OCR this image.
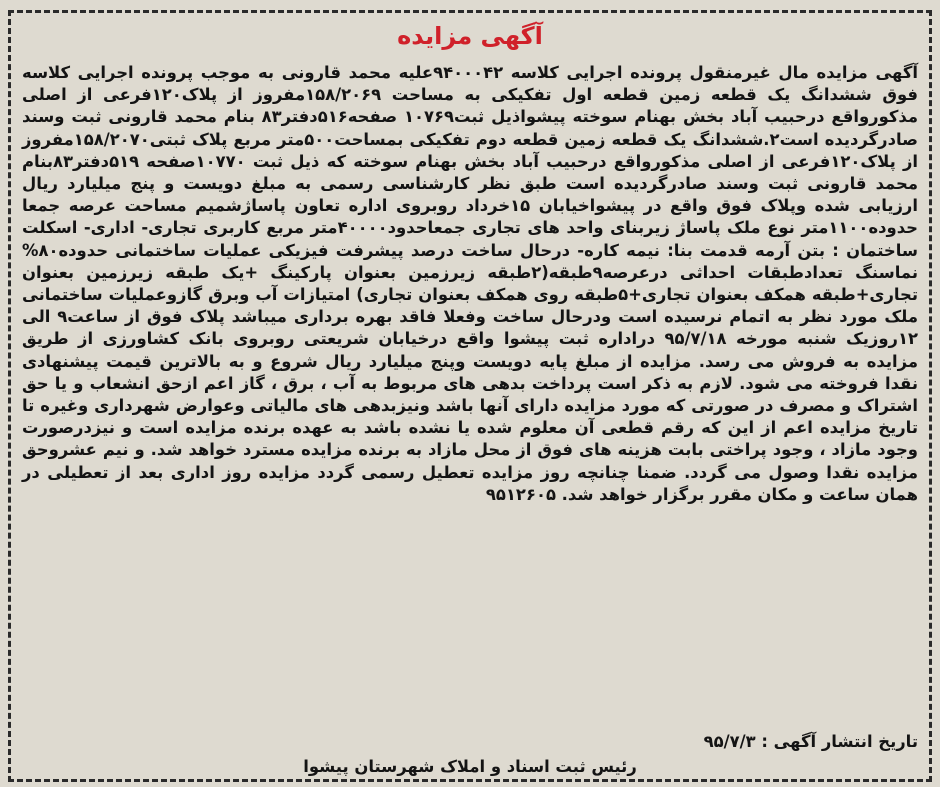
آگهی مزایده

آگهی مزایده مال غیرمنقول پرونده اجرایی کلاسه ۹۴۰۰۰۴۲علیه محمد قارونی به موجب پرونده اجرایی کلاسه فوق ششدانگ یک قطعه زمین قطعه اول تفکیکی به مساحت ۱۵۸/۲۰۶۹مفروز از پلاک۱۲۰فرعی از اصلی مذکورواقع درحبیب آباد بخش بهنام سوخته پیشواذیل ثبت۱۰۷۶۹ صفحه۵۱۶دفتر۸۳ بنام محمد قارونی ثبت وسند صادرگردیده است۲.ششدانگ یک قطعه زمین قطعه دوم تفکیکی بمساحت۵۰۰متر مربع پلاک ثبتی۱۵۸/۲۰۷۰مفروز از پلاک۱۲۰فرعی از اصلی مذکورواقع درحبیب آباد بخش بهنام سوخته که ذیل ثبت ۱۰۷۷۰صفحه ۵۱۹دفتر۸۳بنام محمد قارونی ثبت وسند صادرگردیده است طبق نظر کارشناسی رسمی به مبلغ دویست و پنج میلیارد ریال ارزیابی شده وپلاک فوق واقع در پیشواخیابان ۱۵خرداد روبروی اداره تعاون پاساژشمیم مساحت عرصه جمعا حدوده۱۱۰۰متر نوع ملک پاساژ زیربنای واحد های تجاری جمعاحدود۴۰۰۰۰متر مربع کاربری تجاری- اداری- اسکلت ساختمان : بتن آرمه قدمت بنا: نیمه کاره- درحال ساخت درصد پیشرفت فیزیکی عملیات ساختمانی حدوده۸۰% نماسنگ تعدادطبقات احداثی درعرصه۹طبقه(۲طبقه زیرزمین بعنوان پارکینگ +یک طبقه زیرزمین بعنوان تجاری+طبقه همکف بعنوان تجاری+۵طبقه روی همکف بعنوان تجاری) امتیازات آب وبرق گازوعملیات ساختمانی ملک مورد نظر به اتمام نرسیده است ودرحال ساخت وفعلا فاقد بهره برداری میباشد پلاک فوق از ساعت۹ الی ۱۲روزیک شنبه مورخه ۹۵/۷/۱۸ دراداره ثبت پیشوا واقع درخیابان شریعتی روبروی بانک کشاورزی از طریق مزایده به فروش می رسد. مزایده از مبلغ پایه دویست وپنج میلیارد ریال شروع و به بالاترین قیمت پیشنهادی نقدا فروخته می شود. لازم به ذکر است پرداخت بدهی های مربوط به آب ، برق ، گاز اعم ازحق انشعاب و یا حق اشتراک و مصرف در صورتی که مورد مزایده دارای آنها باشد ونیزبدهی های مالیاتی وعوارض شهرداری وغیره تا تاریخ مزایده اعم از این که رقم قطعی آن معلوم شده یا نشده باشد به عهده برنده مزایده است و نیزدرصورت وجود مازاد ، وجود پراختی بابت هزینه های فوق از محل مازاد به برنده مزایده مسترد خواهد شد. و نیم عشروحق مزایده نقدا وصول می گردد. ضمنا چنانچه روز مزایده تعطیل رسمی گردد مزایده روز اداری بعد از تعطیلی در همان ساعت و مکان مقرر برگزار خواهد شد. ۹۵۱۲۶۰۵

تاریخ انتشار آگهی : ۹۵/۷/۳
رئیس ثبت اسناد و املاک شهرستان پیشوا
